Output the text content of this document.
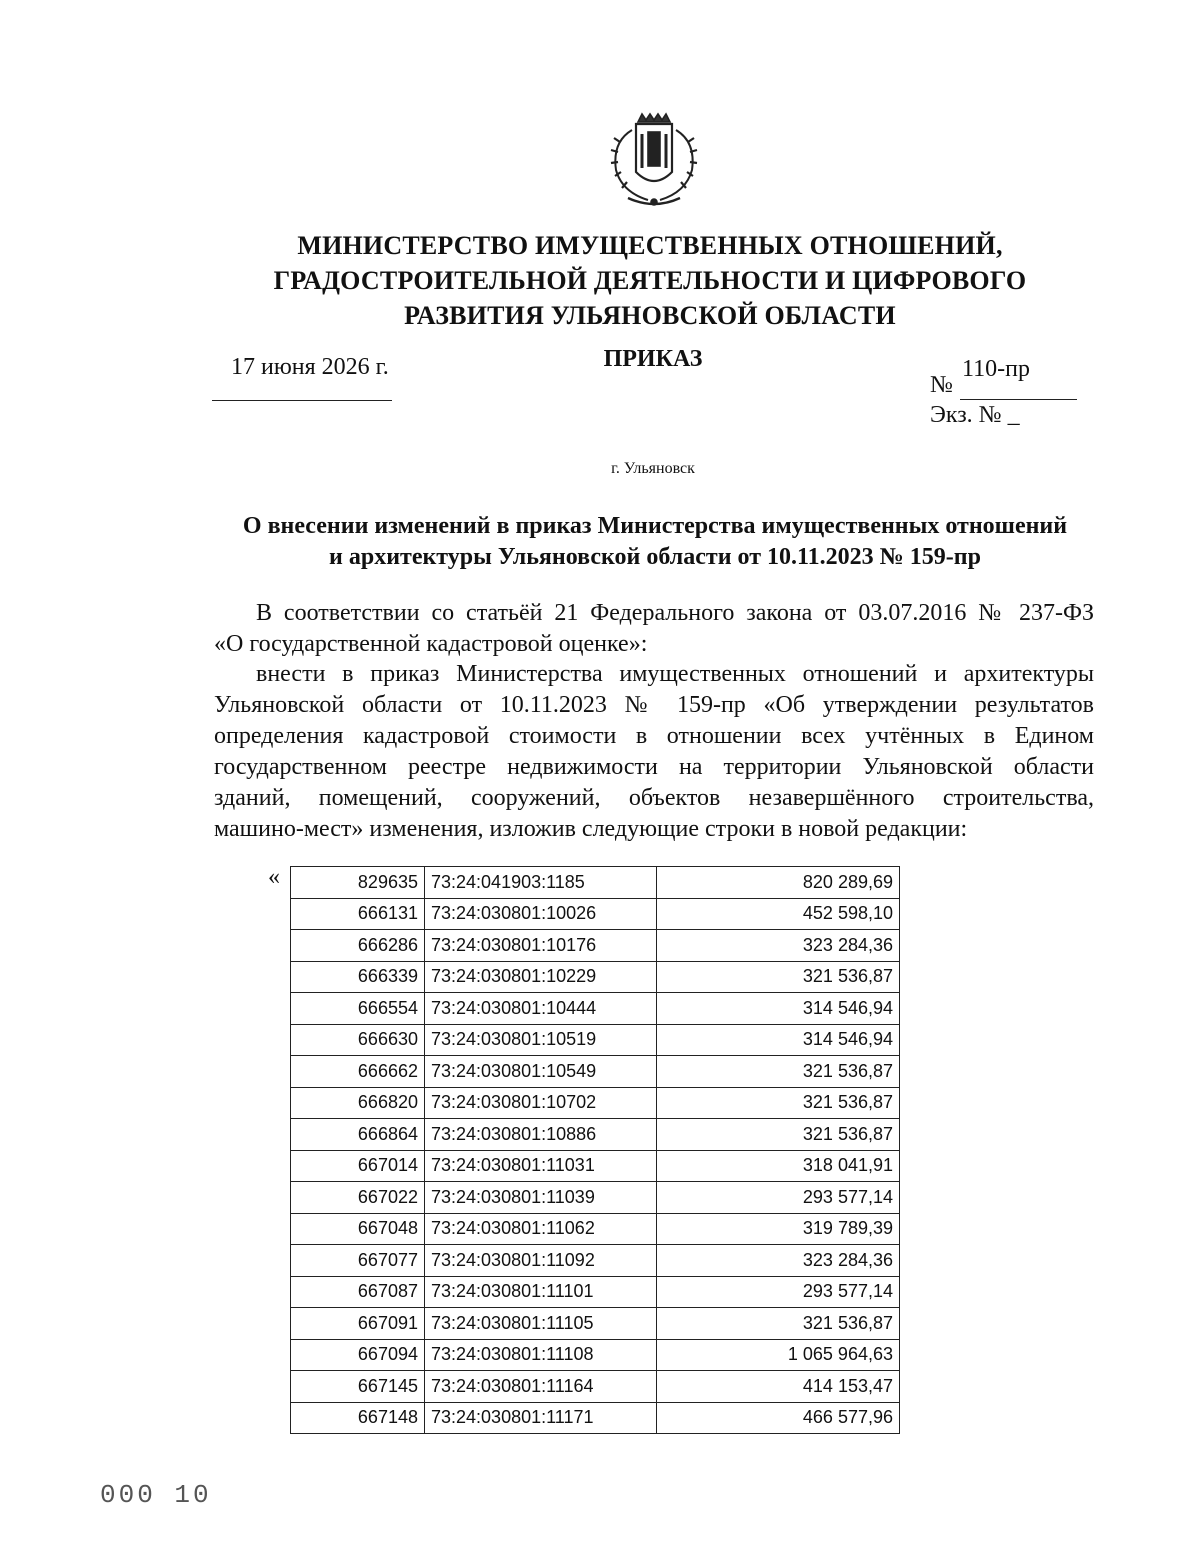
МИНИСТЕРСТВО ИМУЩЕСТВЕННЫХ ОТНОШЕНИЙ,
ГРАДОСТРОИТЕЛЬНОЙ ДЕЯТЕЛЬНОСТИ И ЦИФРОВОГО
РАЗВИТИЯ УЛЬЯНОВСКОЙ ОБЛАСТИ
ПРИКАЗ
17 июня 2026 г.
№
110-пр
Экз. № _
г. Ульяновск
О внесении изменений в приказ Министерства имущественных отношений
и архитектуры Ульяновской области от 10.11.2023 № 159-пр
В соответствии со статьёй 21 Федерального закона от 03.07.2016 № 237-ФЗ
«О государственной кадастровой оценке»:
внести в приказ Министерства имущественных отношений и архитектуры
Ульяновской области от 10.11.2023 № 159-пр «Об утверждении результатов
определения кадастровой стоимости в отношении всех учтённых в Едином
государственном реестре недвижимости на территории Ульяновской области
зданий, помещений, сооружений, объектов незавершённого строительства,
машино-мест» изменения, изложив следующие строки в новой редакции:
«	829635	73:24:041903:1185	820 289,69
666131	73:24:030801:10026	452 598,10
666286	73:24:030801:10176	323 284,36
666339	73:24:030801:10229	321 536,87
666554	73:24:030801:10444	314 546,94
666630	73:24:030801:10519	314 546,94
666662	73:24:030801:10549	321 536,87
666820	73:24:030801:10702	321 536,87
666864	73:24:030801:10886	321 536,87
667014	73:24:030801:11031	318 041,91
667022	73:24:030801:11039	293 577,14
667048	73:24:030801:11062	319 789,39
667077	73:24:030801:11092	323 284,36
667087	73:24:030801:11101	293 577,14
667091	73:24:030801:11105	321 536,87
667094	73:24:030801:11108	1 065 964,63
667145	73:24:030801:11164	414 153,47
667148	73:24:030801:11171	466 577,96
000 10
